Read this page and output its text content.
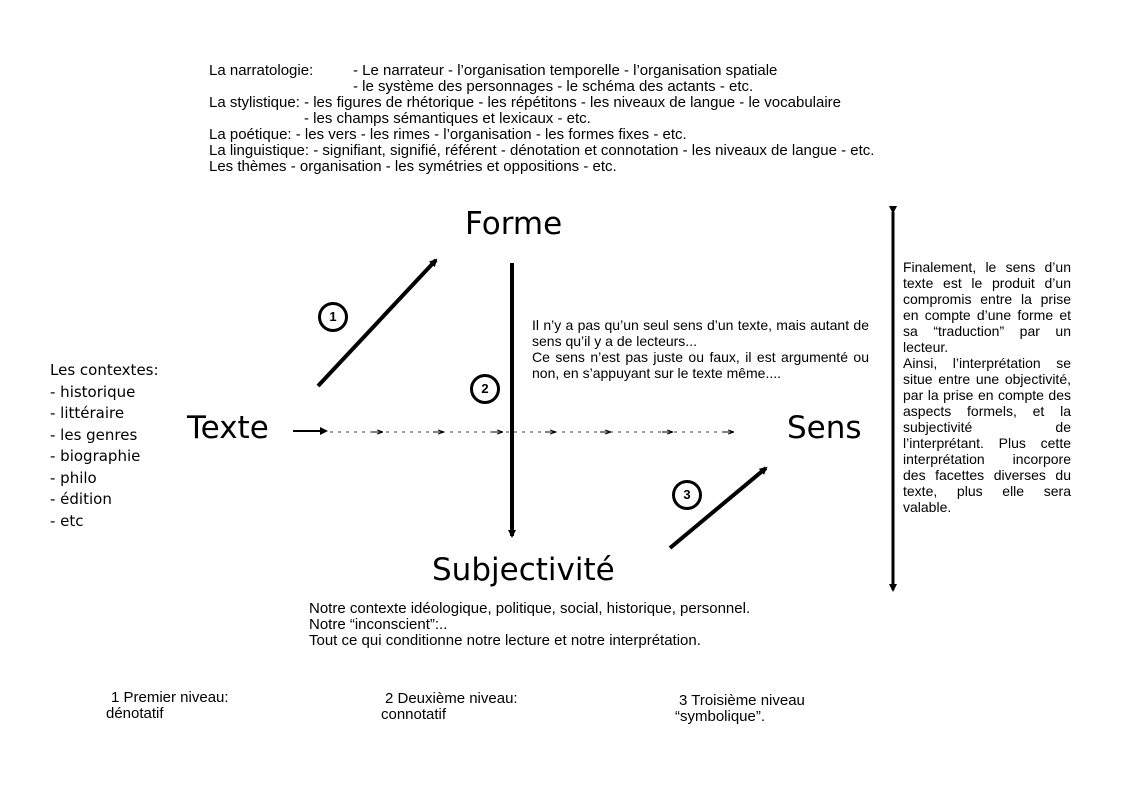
La narratologie:	- Le narrateur - l’organisation temporelle - l’organisation spatiale
- le système des personnages - le schéma des actants - etc.
La stylistique: - les figures de rhétorique - les répétitons - les niveaux de langue - le vocabulaire
- les champs sémantiques et lexicaux - etc.
La poétique: - les vers - les rimes - l’organisation - les formes fixes - etc.
La linguistique: - signifiant, signifié, référent - dénotation et connotation - les niveaux de langue - etc.
Les thèmes - organisation - les symétries et oppositions - etc.
Forme
Texte	Sens
Subjectivité
1
2
3
Les contextes:
- historique
- littéraire
- les genres
- biographie
- philo
- édition
- etc
Il n’y a pas qu’un seul sens d’un texte, mais autant de sens qu’il y a de lecteurs...
Ce sens n’est pas juste ou faux, il est argumenté ou non, en s’appuyant sur le texte même....
Finalement, le sens d’un texte est le produit d’un compromis entre la prise en compte d’une forme et sa “traduction” par un lecteur.
Ainsi, l’interprétation se situe entre une objectivité, par la prise en compte des aspects formels, et la subjectivité de l’interprétant. Plus cette interprétation incorpore des facettes diverses du texte, plus elle sera valable.
Notre contexte idéologique, politique, social, historique, personnel.
Notre “inconscient”:..
Tout ce qui conditionne notre lecture et notre interprétation.
1 Premier niveau:
dénotatif
2 Deuxième niveau:
connotatif
3 Troisième niveau
“symbolique”.
